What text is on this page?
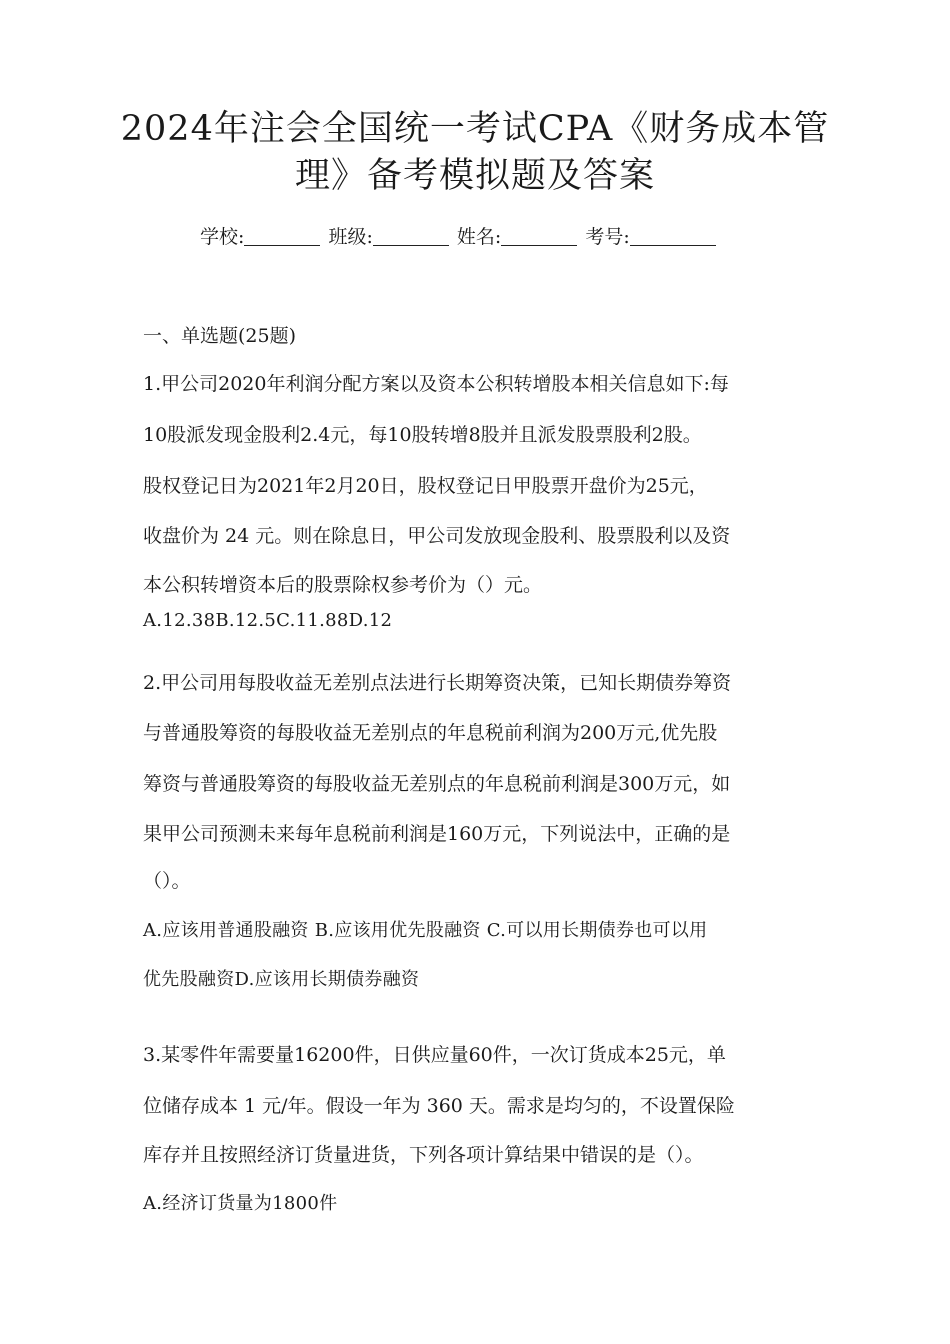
2024年注会全国统一考试CPA《财务成本管
理》备考模拟题及答案
学校:	班级:	姓名:	考号:
一、单选题(25题)
1.甲公司2020年利润分配方案以及资本公积转增股本相关信息如下:每
10股派发现金股利2.4元，每10股转增8股并且派发股票股利2股。
股权登记日为2021年2月20日，股权登记日甲股票开盘价为25元，
收盘价为 24 元。则在除息日，甲公司发放现金股利、股票股利以及资
本公积转增资本后的股票除权参考价为（）元。
A.12.38B.12.5C.11.88D.12
2.甲公司用每股收益无差别点法进行长期筹资决策，已知长期债券筹资
与普通股筹资的每股收益无差别点的年息税前利润为200万元,优先股
筹资与普通股筹资的每股收益无差别点的年息税前利润是300万元，如
果甲公司预测未来每年息税前利润是160万元，下列说法中，正确的是
（）。
A.应该用普通股融资 B.应该用优先股融资 C.可以用长期债券也可以用
优先股融资D.应该用长期债券融资
3.某零件年需要量16200件，日供应量60件，一次订货成本25元，单
位储存成本 1 元/年。假设一年为 360 天。需求是均匀的，不设置保险
库存并且按照经济订货量进货，下列各项计算结果中错误的是（）。
A.经济订货量为1800件
